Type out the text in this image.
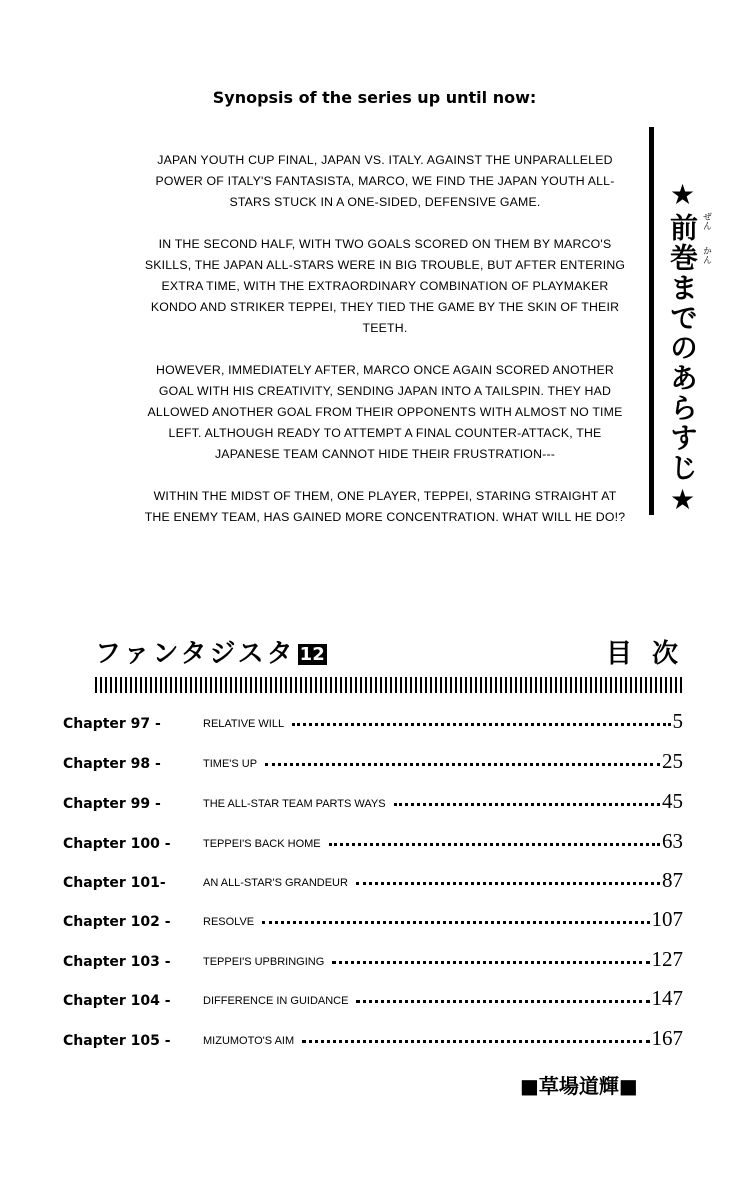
Synopsis of the series up until now:

JAPAN YOUTH CUP FINAL, JAPAN VS. ITALY. AGAINST THE UNPARALLELED POWER OF ITALY'S FANTASISTA, MARCO, WE FIND THE JAPAN YOUTH ALL-STARS STUCK IN A ONE-SIDED, DEFENSIVE GAME.

IN THE SECOND HALF, WITH TWO GOALS SCORED ON THEM BY MARCO'S SKILLS, THE JAPAN ALL-STARS WERE IN BIG TROUBLE, BUT AFTER ENTERING EXTRA TIME, WITH THE EXTRAORDINARY COMBINATION OF PLAYMAKER KONDO AND STRIKER TEPPEI, THEY TIED THE GAME BY THE SKIN OF THEIR TEETH.

HOWEVER, IMMEDIATELY AFTER, MARCO ONCE AGAIN SCORED ANOTHER GOAL WITH HIS CREATIVITY, SENDING JAPAN INTO A TAILSPIN. THEY HAD ALLOWED ANOTHER GOAL FROM THEIR OPPONENTS WITH ALMOST NO TIME LEFT. ALTHOUGH READY TO ATTEMPT A FINAL COUNTER-ATTACK, THE JAPANESE TEAM CANNOT HIDE THEIR FRUSTRATION---

WITHIN THE MIDST OF THEM, ONE PLAYER, TEPPEI, STARING STRAIGHT AT THE ENEMY TEAM, HAS GAINED MORE CONCENTRATION. WHAT WILL HE DO!? ★前巻までのあらすじ★ ぜん
かん
ファンタジスタ 12	目次
Chapter 97 -	RELATIVE WILL	5
Chapter 98 -	TIME'S UP	25
Chapter 99 -	THE ALL-STAR TEAM PARTS WAYS	45
Chapter 100 -	TEPPEI'S BACK HOME	63
Chapter 101-	AN ALL-STAR'S GRANDEUR	87
Chapter 102 -	RESOLVE	107
Chapter 103 -	TEPPEI'S UPBRINGING	127
Chapter 104 -	DIFFERENCE IN GUIDANCE	147
Chapter 105 -	MIZUMOTO'S AIM	167
■草場道輝■
